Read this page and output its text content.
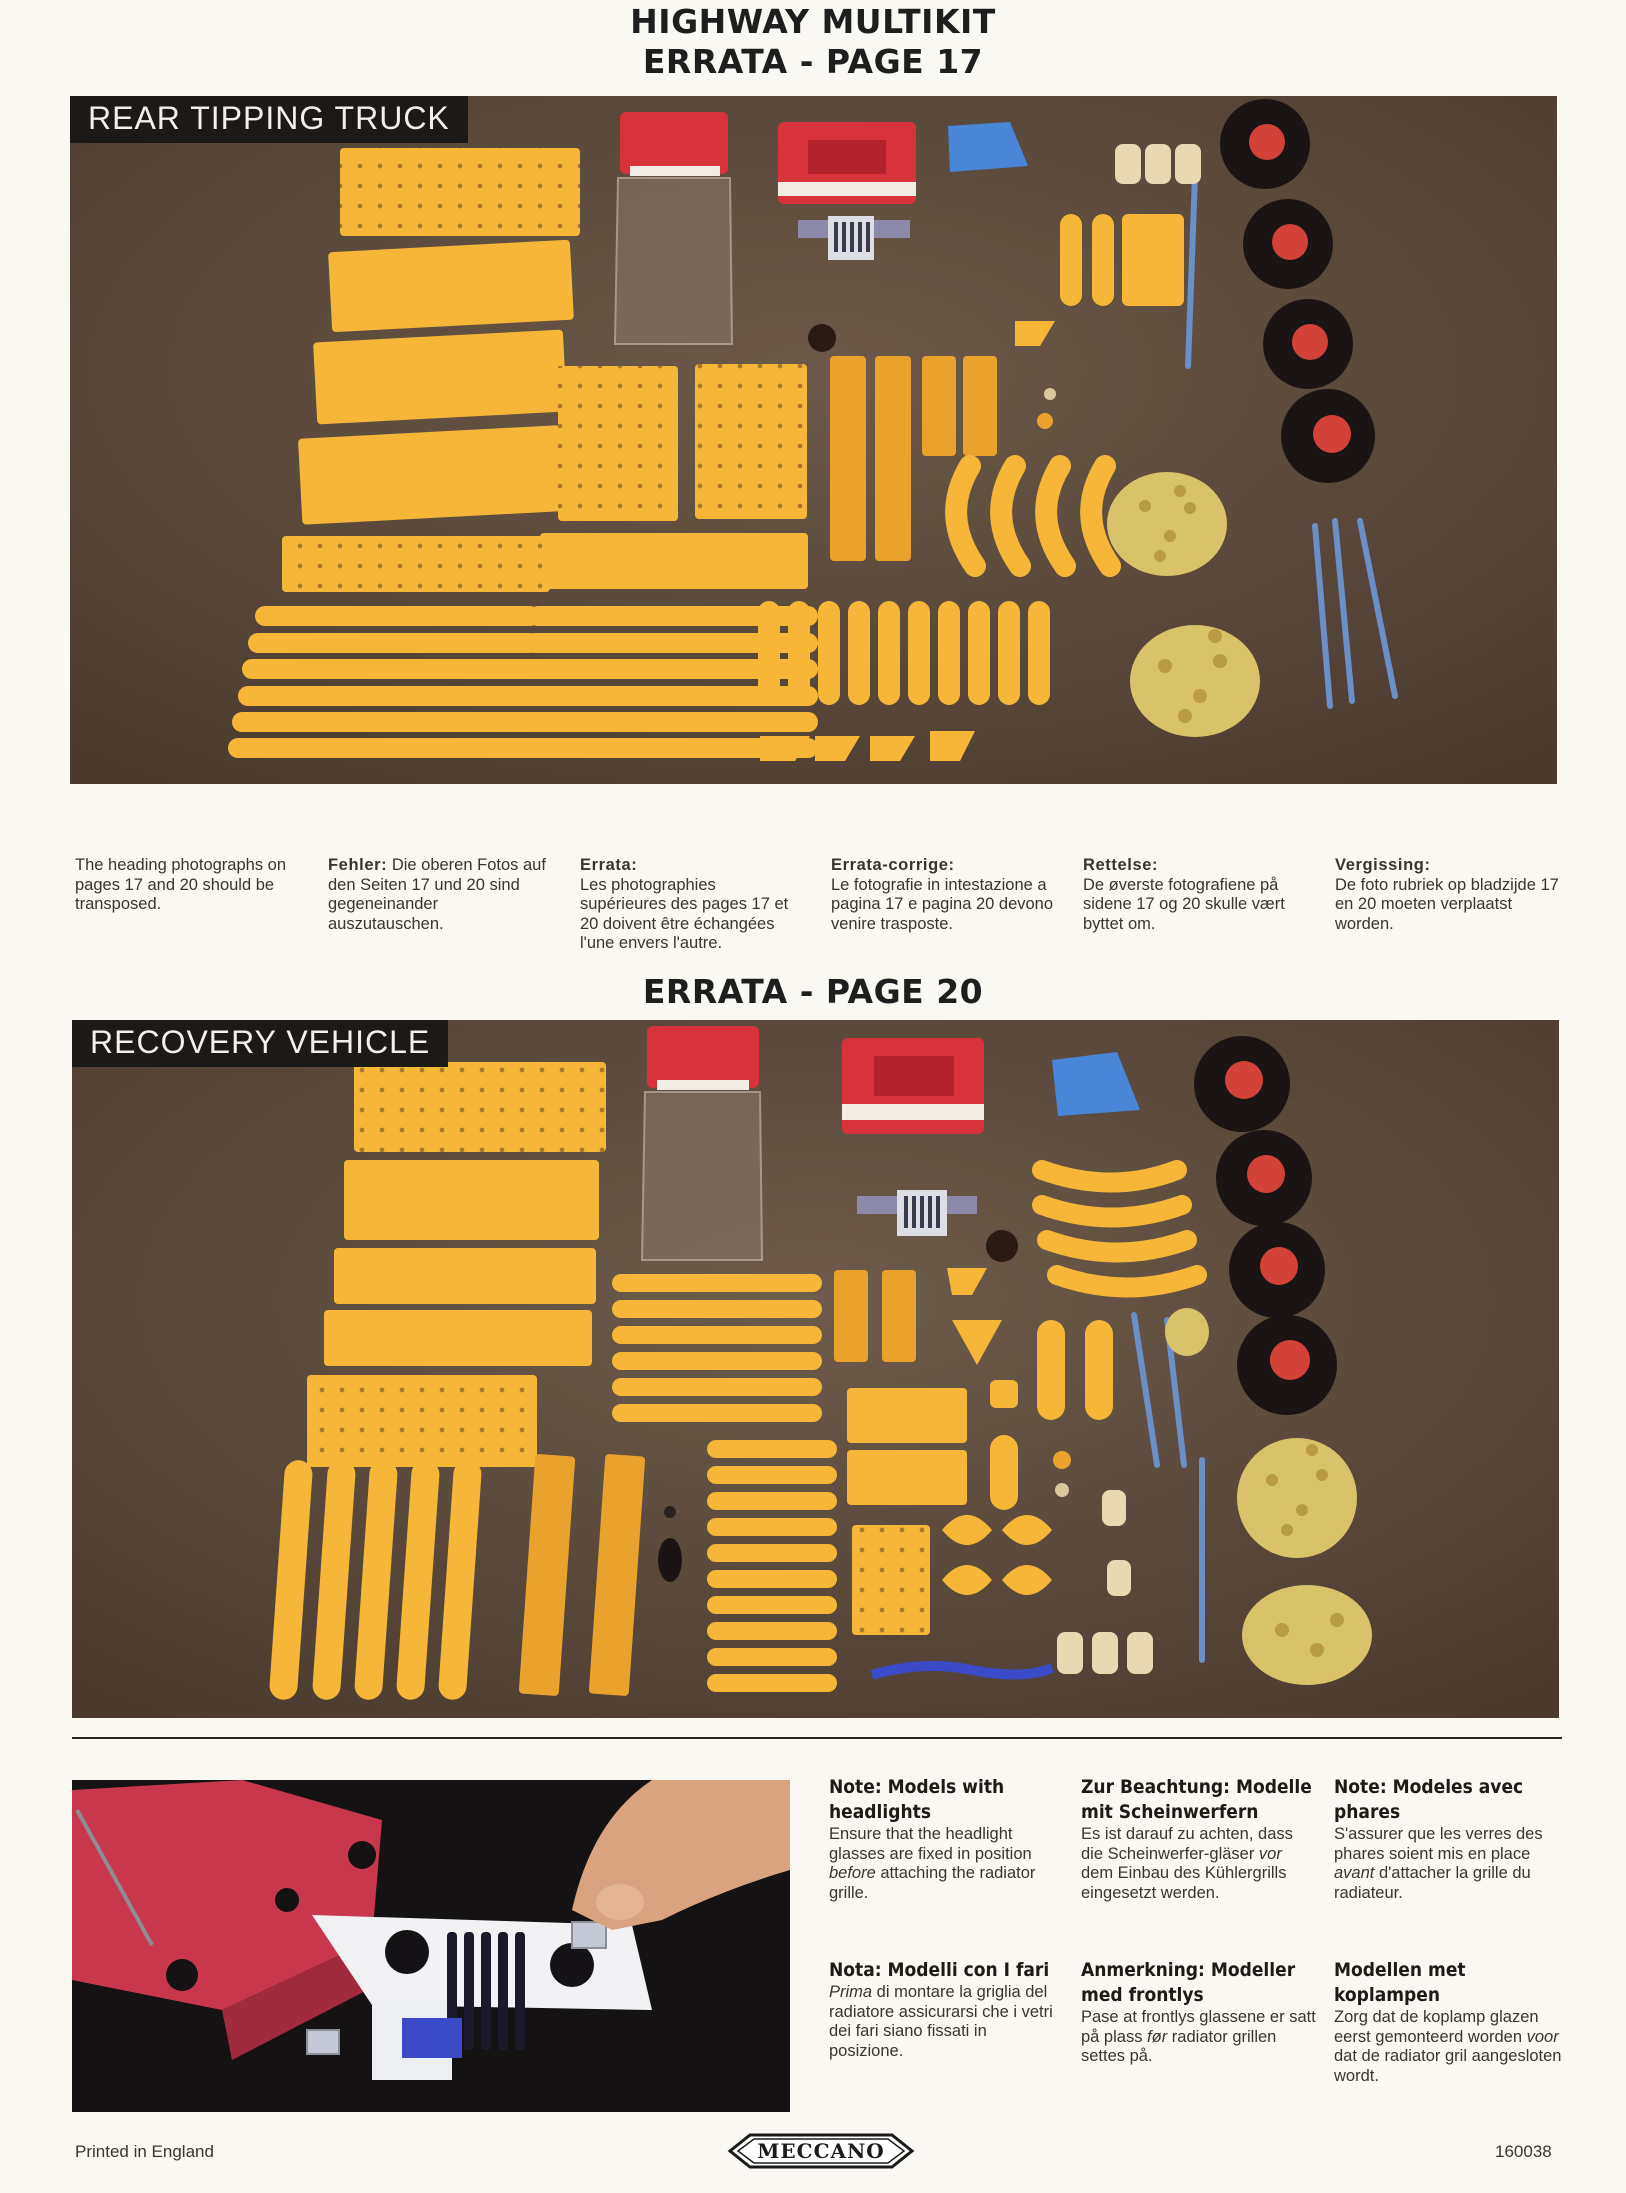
HIGHWAY MULTIKIT
ERRATA - PAGE 17
REAR TIPPING TRUCK
The heading photographs on pages 17 and 20 should be transposed.
Fehler: Die oberen Fotos auf den Seiten 17 und 20 sind gegeneinander auszutauschen.
Errata:
Les photographies supérieures des pages 17 et 20 doivent être échangées l'une envers l'autre.
Errata-corrige:
Le fotografie in intestazione a pagina 17 e pagina 20 devono venire trasposte.
Rettelse:
De øverste fotografiene på sidene 17 og 20 skulle vært byttet om.
Vergissing:
De foto rubriek op bladzijde 17 en 20 moeten verplaatst worden.
ERRATA - PAGE 20
RECOVERY VEHICLE
Note: Models with headlights
Ensure that the headlight glasses are fixed in position before attaching the radiator grille.
Zur Beachtung: Modelle mit Scheinwerfern
Es ist darauf zu achten, dass die Scheinwerfer-gläser vor dem Einbau des Kühlergrills eingesetzt werden.
Note: Modeles avec phares
S'assurer que les verres des phares soient mis en place avant d'attacher la grille du radiateur.
Nota: Modelli con I fari
Prima di montare la griglia del radiatore assicurarsi che i vetri dei fari siano fissati in posizione.
Anmerkning: Modeller med frontlys
Pase at frontlys glassene er satt på plass før radiator grillen settes på.
Modellen met koplampen
Zorg dat de koplamp glazen eerst gemonteerd worden voor dat de radiator gril aangesloten wordt.
Printed in England	MECCANO	160038
